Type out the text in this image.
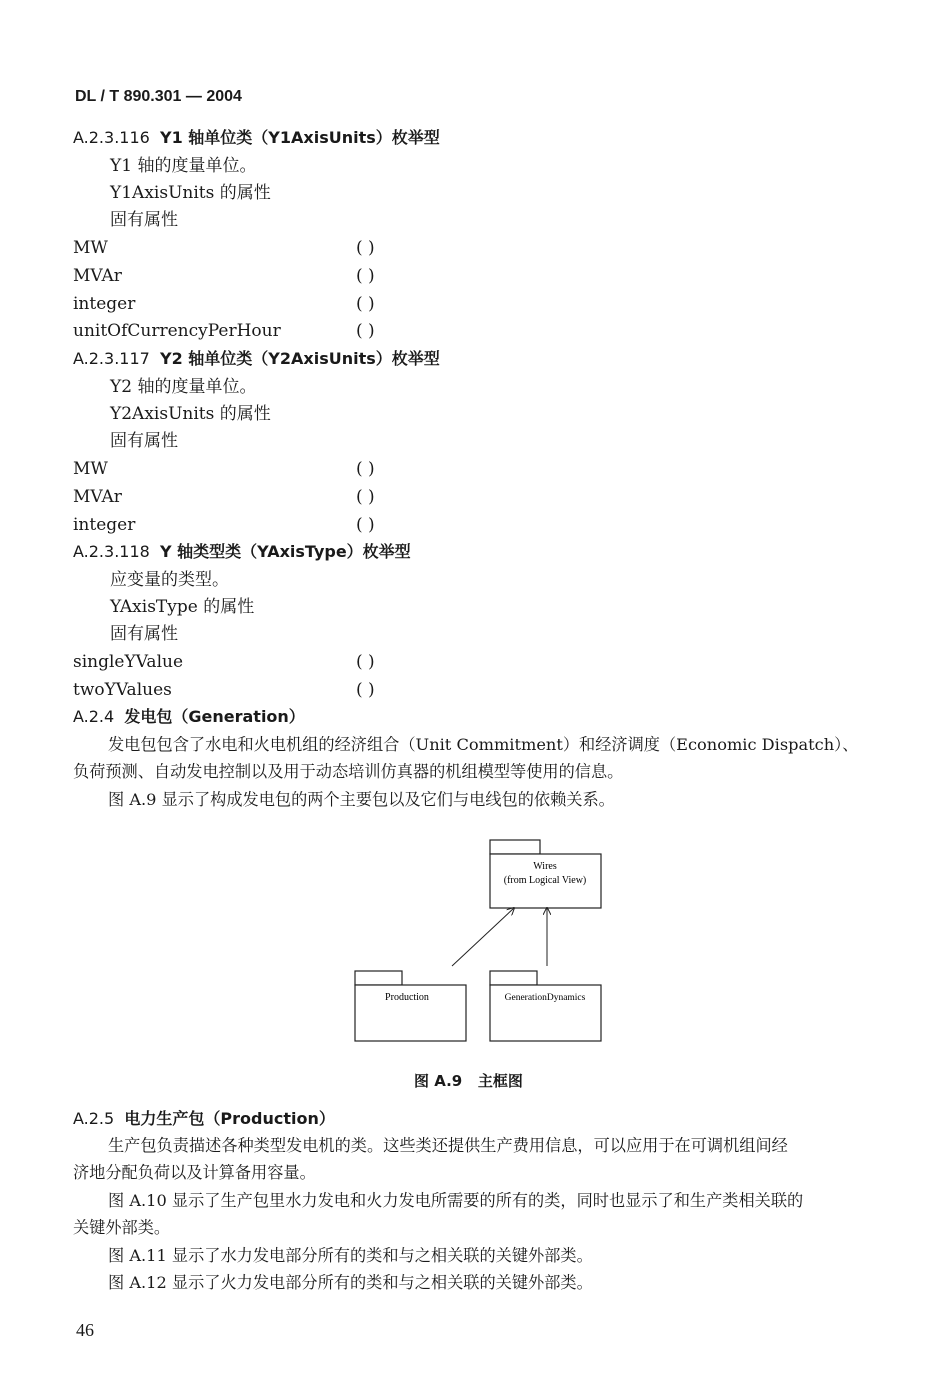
DL / T 890.301 — 2004
A.2.3.116 Y1 轴单位类（Y1AxisUnits）枚举型
Y1 轴的度量单位。
Y1AxisUnits 的属性
固有属性
MW	( )
MVAr	( )
integer	( )
unitOfCurrencyPerHour	( )
A.2.3.117 Y2 轴单位类（Y2AxisUnits）枚举型
Y2 轴的度量单位。
Y2AxisUnits 的属性
固有属性
MW	( )
MVAr	( )
integer	( )
A.2.3.118 Y 轴类型类（YAxisType）枚举型
应变量的类型。
YAxisType 的属性
固有属性
singleYValue	( )
twoYValues	( )
A.2.4 发电包（Generation）
发电包包含了水电和火电机组的经济组合（Unit Commitment）和经济调度（Economic Dispatch）、
负荷预测、自动发电控制以及用于动态培训仿真器的机组模型等使用的信息。
图 A.9 显示了构成发电包的两个主要包以及它们与电线包的依赖关系。
Wires
(from Logical View)
Production	GenerationDynamics
图 A.9   主框图
A.2.5 电力生产包（Production）
生产包负责描述各种类型发电机的类。这些类还提供生产费用信息，可以应用于在可调机组间经
济地分配负荷以及计算备用容量。
图 A.10 显示了生产包里水力发电和火力发电所需要的所有的类，同时也显示了和生产类相关联的
关键外部类。
图 A.11 显示了水力发电部分所有的类和与之相关联的关键外部类。
图 A.12 显示了火力发电部分所有的类和与之相关联的关键外部类。
46
